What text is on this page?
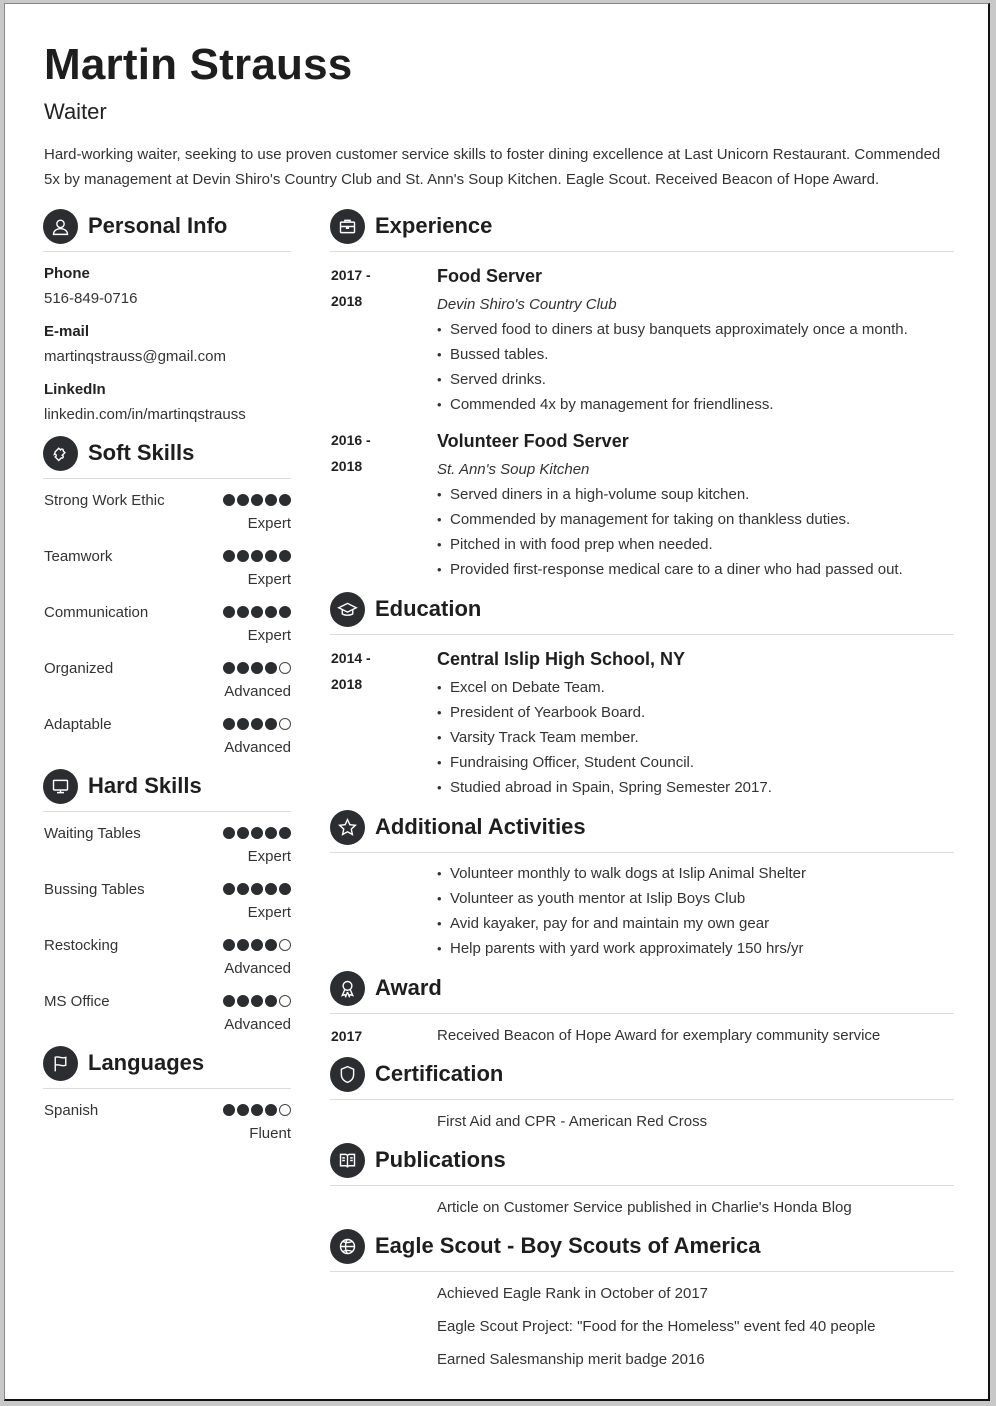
Martin Strauss
Waiter
Hard-working waiter, seeking to use proven customer service skills to foster dining excellence at Last Unicorn Restaurant. Commended 5x by management at Devin Shiro's Country Club and St. Ann's Soup Kitchen. Eagle Scout. Received Beacon of Hope Award.
Personal Info
Phone
516-849-0716
E-mail
martinqstrauss@gmail.com
LinkedIn
linkedin.com/in/martinqstrauss
Soft Skills
Strong Work Ethic
Expert
Teamwork
Expert
Communication
Expert
Organized
Advanced
Adaptable
Advanced
Hard Skills
Waiting Tables
Expert
Bussing Tables
Expert
Restocking
Advanced
MS Office
Advanced
Languages
Spanish
Fluent
Experience
2017 -
2018
Food Server
Devin Shiro's Country Club
• Served food to diners at busy banquets approximately once a month.
• Bussed tables.
• Served drinks.
• Commended 4x by management for friendliness.
2016 -
2018
Volunteer Food Server
St. Ann's Soup Kitchen
• Served diners in a high-volume soup kitchen.
• Commended by management for taking on thankless duties.
• Pitched in with food prep when needed.
• Provided first-response medical care to a diner who had passed out.
Education
2014 -
2018
Central Islip High School, NY
• Excel on Debate Team.
• President of Yearbook Board.
• Varsity Track Team member.
• Fundraising Officer, Student Council.
• Studied abroad in Spain, Spring Semester 2017.
Additional Activities
• Volunteer monthly to walk dogs at Islip Animal Shelter
• Volunteer as youth mentor at Islip Boys Club
• Avid kayaker, pay for and maintain my own gear
• Help parents with yard work approximately 150 hrs/yr
Award
2017	Received Beacon of Hope Award for exemplary community service
Certification
First Aid and CPR - American Red Cross
Publications
Article on Customer Service published in Charlie's Honda Blog
Eagle Scout - Boy Scouts of America
Achieved Eagle Rank in October of 2017
Eagle Scout Project: "Food for the Homeless" event fed 40 people
Earned Salesmanship merit badge 2016
